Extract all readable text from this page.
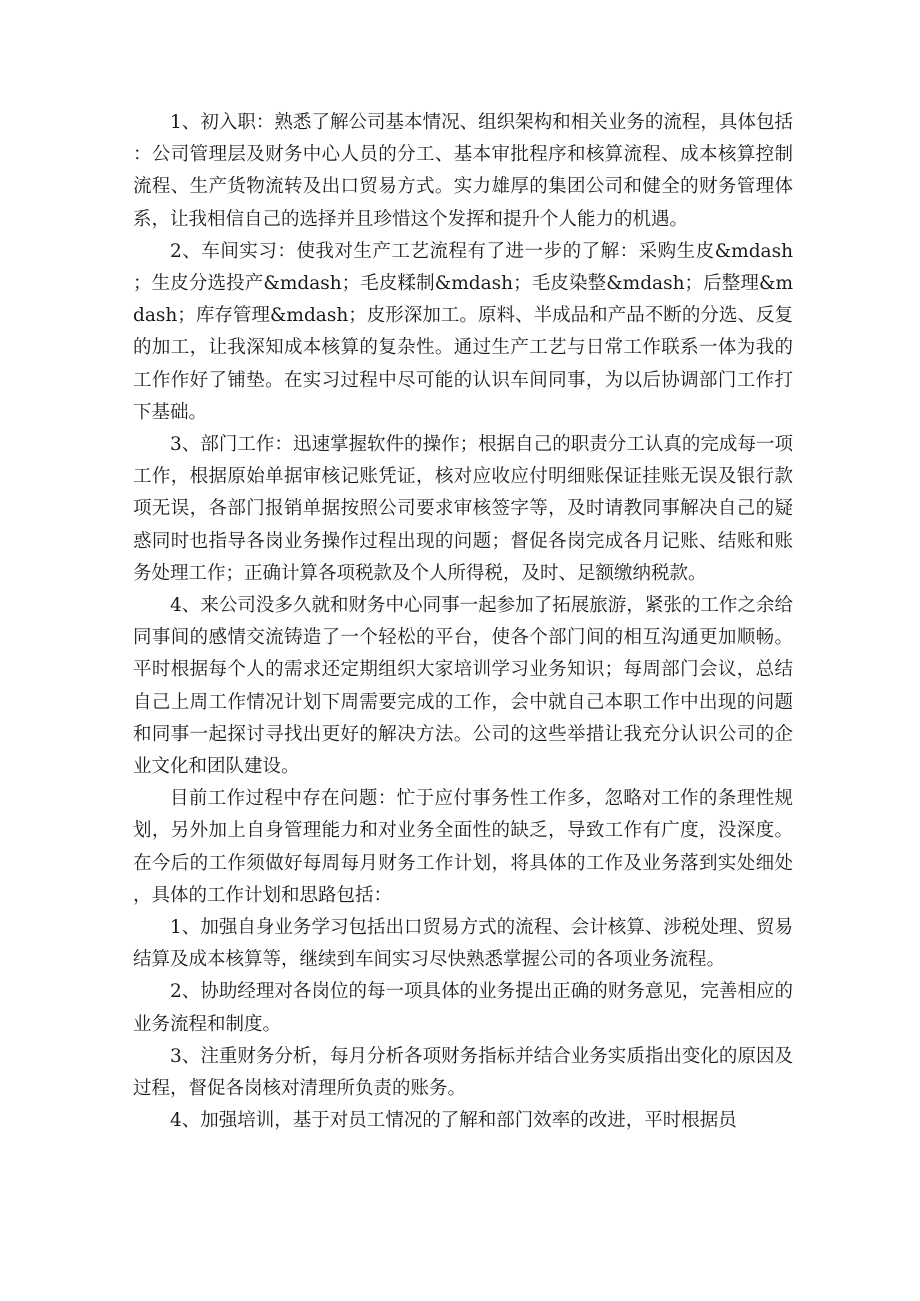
1、初入职：熟悉了解公司基本情况、组织架构和相关业务的流程，具体包括：公司管理层及财务中心人员的分工、基本审批程序和核算流程、成本核算控制流程、生产货物流转及出口贸易方式。实力雄厚的集团公司和健全的财务管理体系，让我相信自己的选择并且珍惜这个发挥和提升个人能力的机遇。

2、车间实习：使我对生产工艺流程有了进一步的了解：采购生皮&mdash；生皮分选投产&mdash；毛皮糅制&mdash；毛皮染整&mdash；后整理&mdash；库存管理&mdash；皮形深加工。原料、半成品和产品不断的分选、反复的加工，让我深知成本核算的复杂性。通过生产工艺与日常工作联系一体为我的工作作好了铺垫。在实习过程中尽可能的认识车间同事，为以后协调部门工作打下基础。

3、部门工作：迅速掌握软件的操作；根据自己的职责分工认真的完成每一项工作，根据原始单据审核记账凭证，核对应收应付明细账保证挂账无误及银行款项无误，各部门报销单据按照公司要求审核签字等，及时请教同事解决自己的疑惑同时也指导各岗业务操作过程出现的问题；督促各岗完成各月记账、结账和账务处理工作；正确计算各项税款及个人所得税，及时、足额缴纳税款。

4、来公司没多久就和财务中心同事一起参加了拓展旅游，紧张的工作之余给同事间的感情交流铸造了一个轻松的平台，使各个部门间的相互沟通更加顺畅。平时根据每个人的需求还定期组织大家培训学习业务知识；每周部门会议，总结自己上周工作情况计划下周需要完成的工作，会中就自己本职工作中出现的问题和同事一起探讨寻找出更好的解决方法。公司的这些举措让我充分认识公司的企业文化和团队建设。

目前工作过程中存在问题：忙于应付事务性工作多，忽略对工作的条理性规划，另外加上自身管理能力和对业务全面性的缺乏，导致工作有广度，没深度。在今后的工作须做好每周每月财务工作计划，将具体的工作及业务落到实处细处，具体的工作计划和思路包括：

1、加强自身业务学习包括出口贸易方式的流程、会计核算、涉税处理、贸易结算及成本核算等，继续到车间实习尽快熟悉掌握公司的各项业务流程。

2、协助经理对各岗位的每一项具体的业务提出正确的财务意见，完善相应的业务流程和制度。

3、注重财务分析，每月分析各项财务指标并结合业务实质指出变化的原因及过程，督促各岗核对清理所负责的账务。

4、加强培训，基于对员工情况的了解和部门效率的改进，平时根据员
